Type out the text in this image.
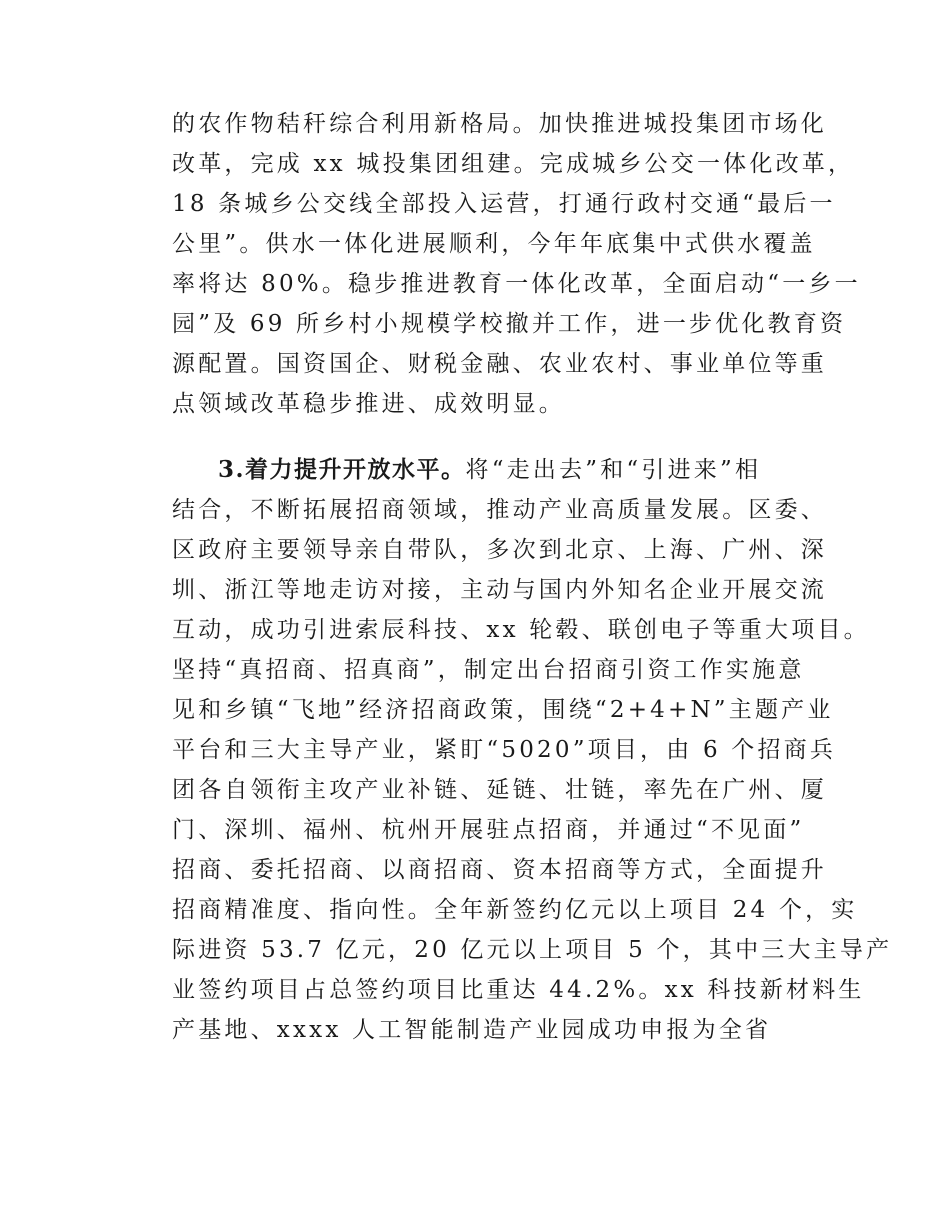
的农作物秸秆综合利用新格局。加快推进城投集团市场化
改革，完成 xx 城投集团组建。完成城乡公交一体化改革，
18 条城乡公交线全部投入运营，打通行政村交通“最后一
公里”。供水一体化进展顺利，今年年底集中式供水覆盖
率将达 80%。稳步推进教育一体化改革，全面启动“一乡一
园”及 69 所乡村小规模学校撤并工作，进一步优化教育资
源配置。国资国企、财税金融、农业农村、事业单位等重
点领域改革稳步推进、成效明显。
3.着力提升开放水平。将“走出去”和“引进来”相
结合，不断拓展招商领域，推动产业高质量发展。区委、
区政府主要领导亲自带队，多次到北京、上海、广州、深
圳、浙江等地走访对接，主动与国内外知名企业开展交流
互动，成功引进索辰科技、xx 轮毂、联创电子等重大项目。
坚持“真招商、招真商”，制定出台招商引资工作实施意
见和乡镇“飞地”经济招商政策，围绕“2+4+N”主题产业
平台和三大主导产业，紧盯“5020”项目，由 6 个招商兵
团各自领衔主攻产业补链、延链、壮链，率先在广州、厦
门、深圳、福州、杭州开展驻点招商，并通过“不见面”
招商、委托招商、以商招商、资本招商等方式，全面提升
招商精准度、指向性。全年新签约亿元以上项目 24 个，实
际进资 53.7 亿元，20 亿元以上项目 5 个，其中三大主导产
业签约项目占总签约项目比重达 44.2%。xx 科技新材料生
产基地、xxxx 人工智能制造产业园成功申报为全省
